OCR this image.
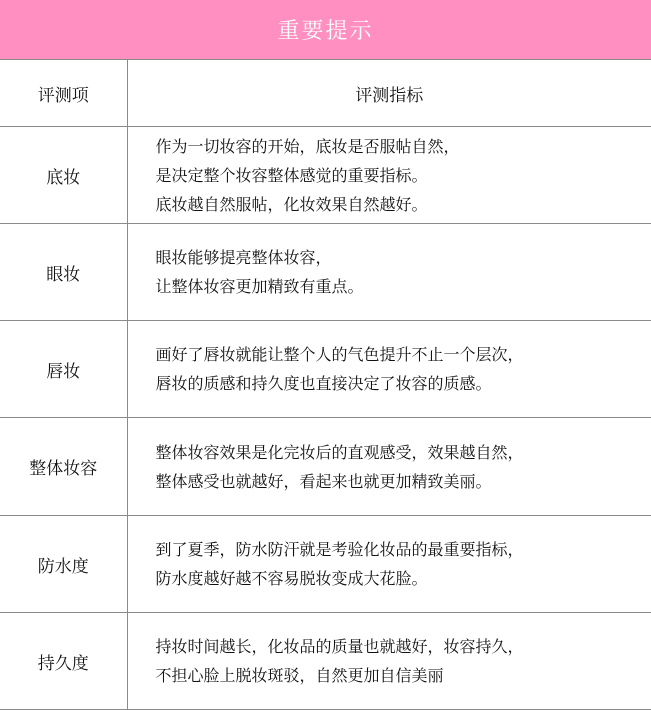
重要提示
评测项	评测指标
底妆	作为一切妆容的开始，底妆是否服帖自然，
是决定整个妆容整体感觉的重要指标。
底妆越自然服帖，化妆效果自然越好。

眼妆	眼妆能够提亮整体妆容，
让整体妆容更加精致有重点。

唇妆	画好了唇妆就能让整个人的气色提升不止一个层次，
唇妆的质感和持久度也直接决定了妆容的质感。

整体妆容	整体妆容效果是化完妆后的直观感受，效果越自然，
整体感受也就越好，看起来也就更加精致美丽。

防水度	到了夏季，防水防汗就是考验化妆品的最重要指标，
防水度越好越不容易脱妆变成大花脸。

持久度	持妆时间越长，化妆品的质量也就越好，妆容持久，
不担心脸上脱妆斑驳，自然更加自信美丽
